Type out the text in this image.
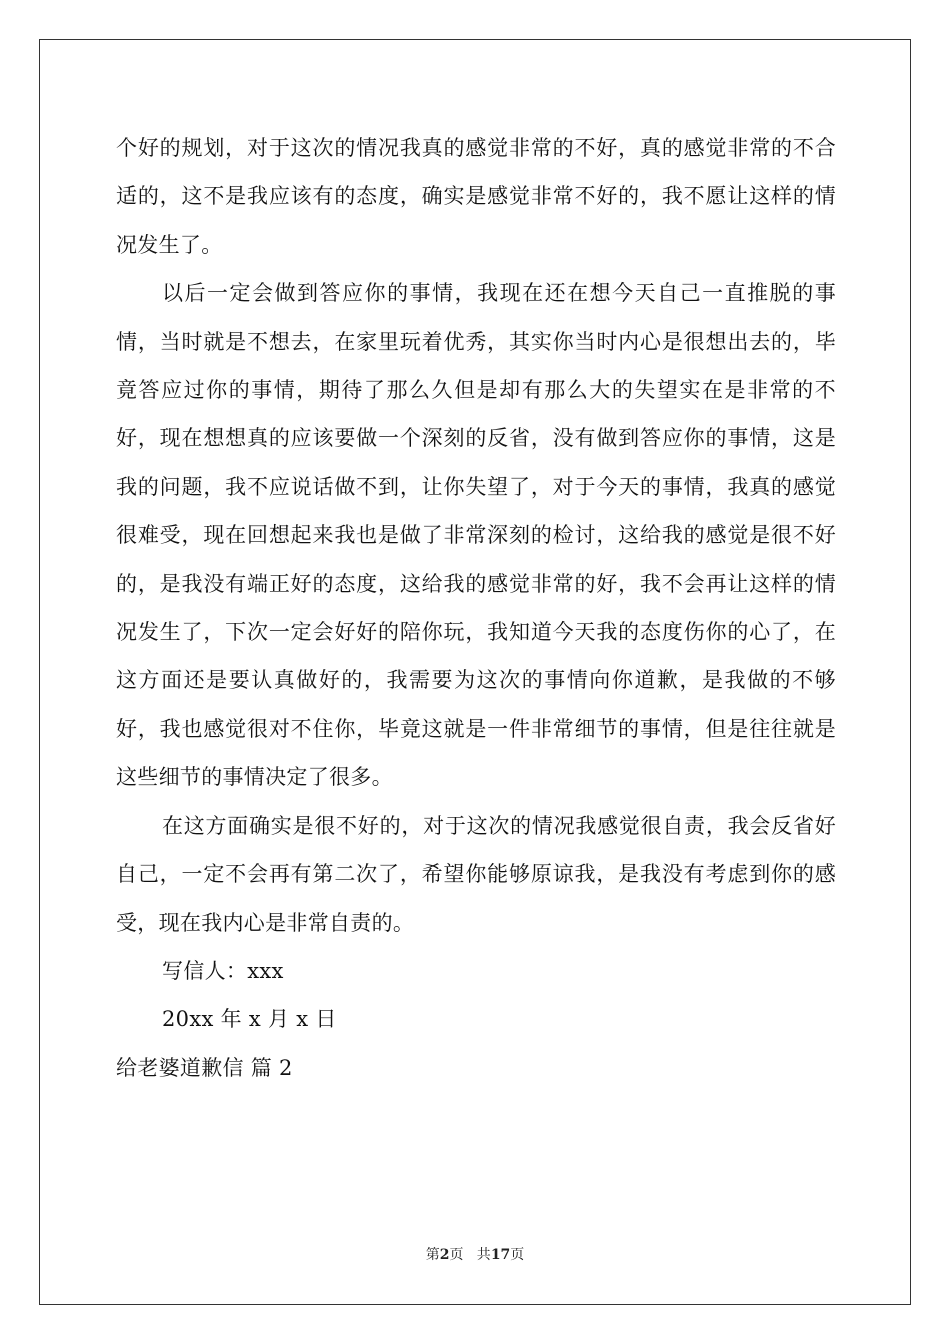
个好的规划，对于这次的情况我真的感觉非常的不好，真的感觉非常的不合适的，这不是我应该有的态度，确实是感觉非常不好的，我不愿让这样的情况发生了。

以后一定会做到答应你的事情，我现在还在想今天自己一直推脱的事情，当时就是不想去，在家里玩着优秀，其实你当时内心是很想出去的，毕竟答应过你的事情，期待了那么久但是却有那么大的失望实在是非常的不好，现在想想真的应该要做一个深刻的反省，没有做到答应你的事情，这是我的问题，我不应说话做不到，让你失望了，对于今天的事情，我真的感觉很难受，现在回想起来我也是做了非常深刻的检讨，这给我的感觉是很不好的，是我没有端正好的态度，这给我的感觉非常的好，我不会再让这样的情况发生了，下次一定会好好的陪你玩，我知道今天我的态度伤你的心了，在这方面还是要认真做好的，我需要为这次的事情向你道歉，是我做的不够好，我也感觉很对不住你，毕竟这就是一件非常细节的事情，但是往往就是这些细节的事情决定了很多。

在这方面确实是很不好的，对于这次的情况我感觉很自责，我会反省好自己，一定不会再有第二次了，希望你能够原谅我，是我没有考虑到你的感受，现在我内心是非常自责的。

写信人：xxx

20xx 年 x 月 x 日

给老婆道歉信 篇 2

第2页   共17页
